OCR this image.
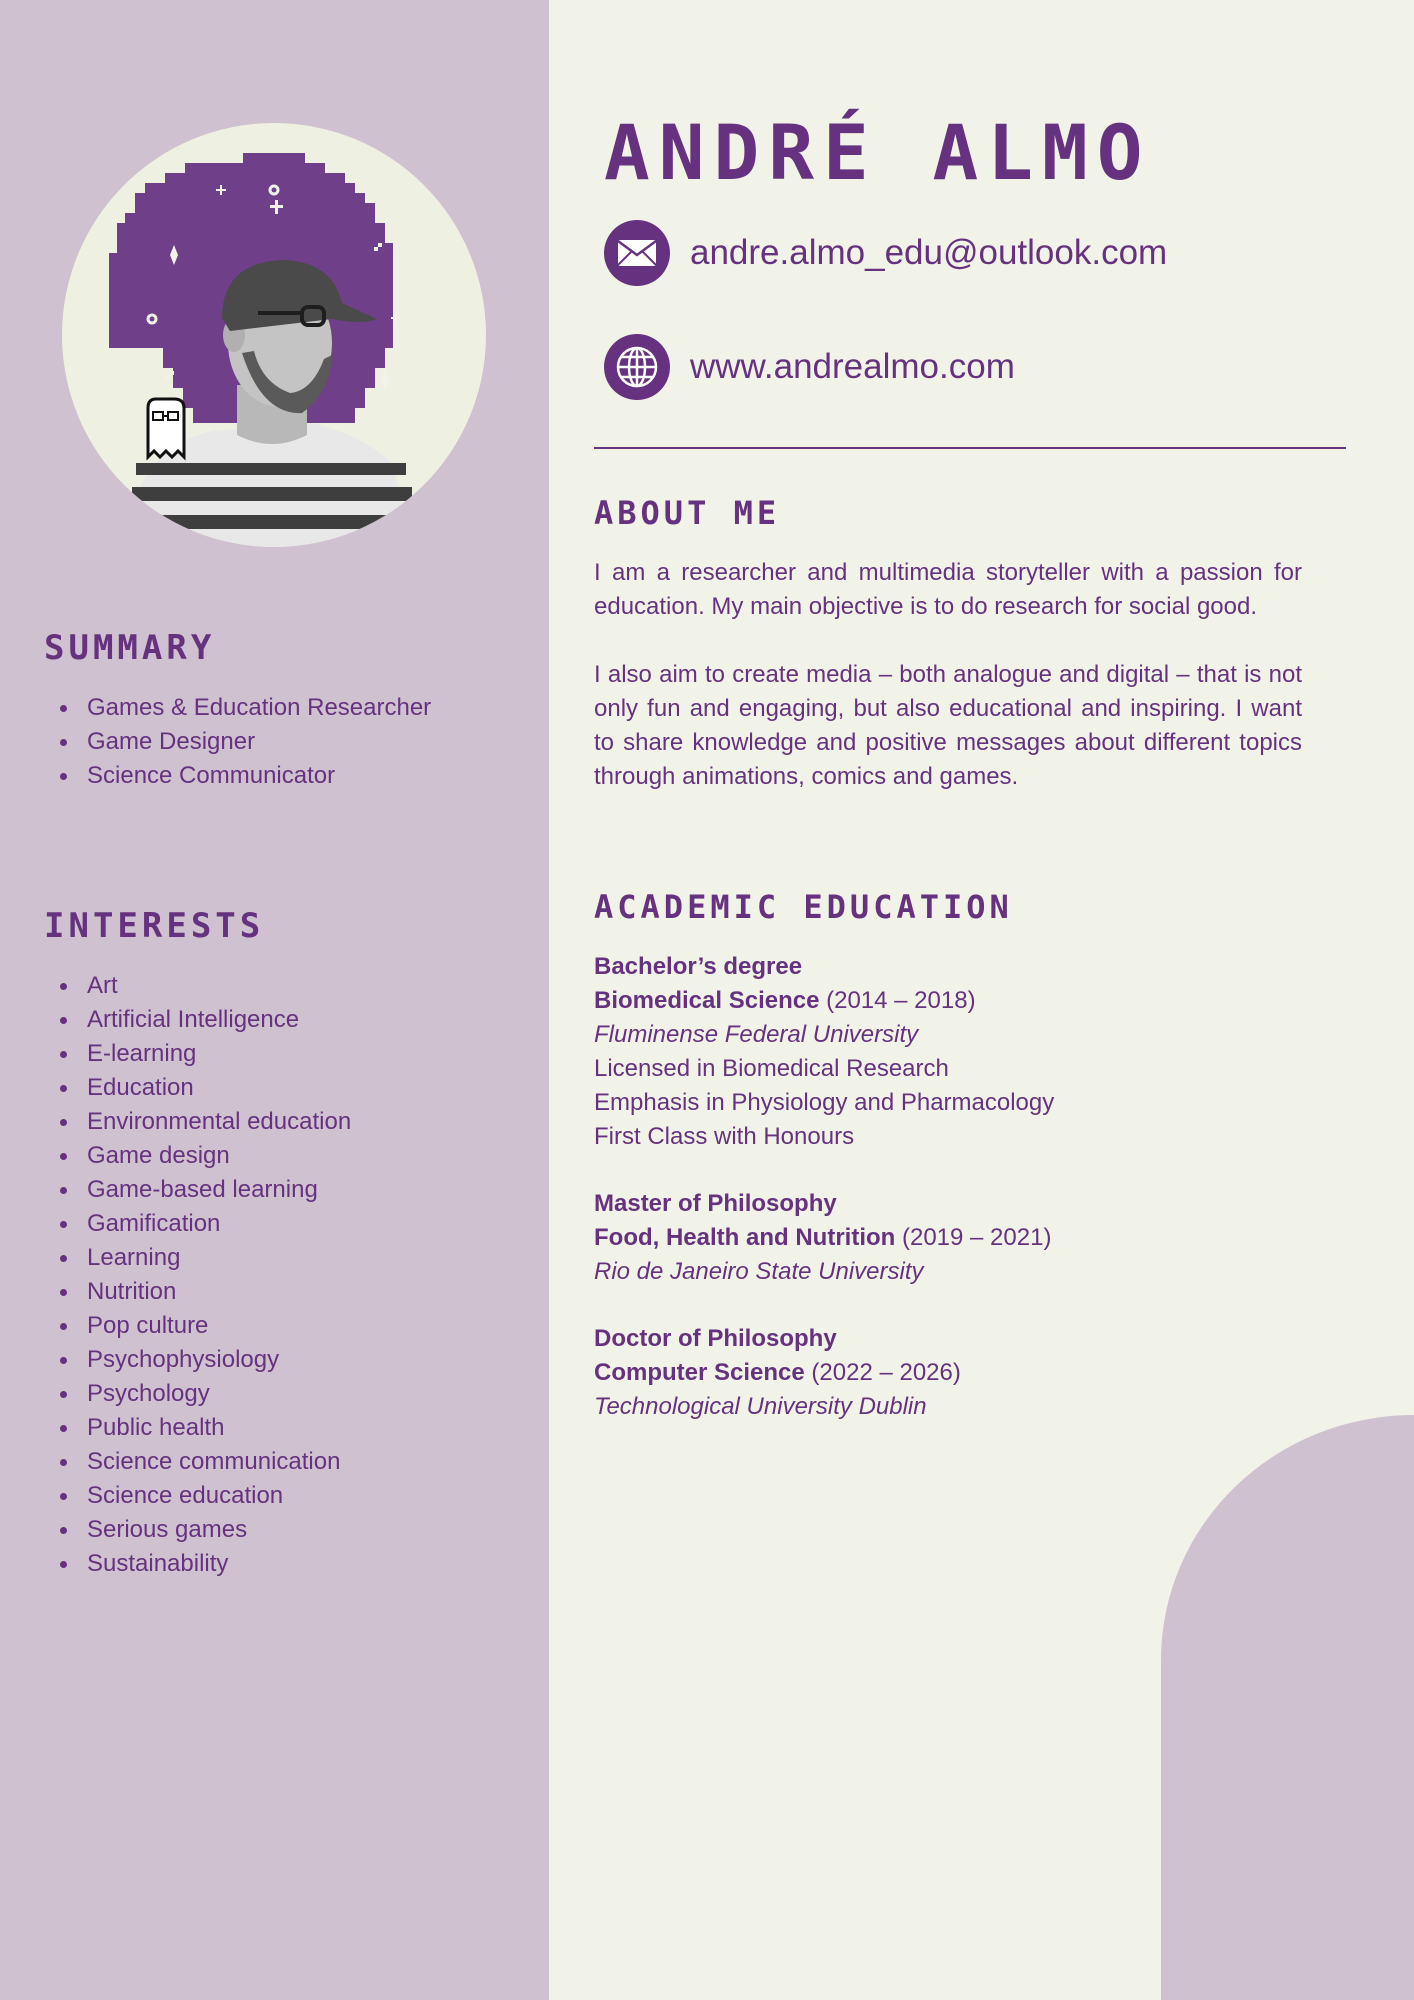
SUMMARY
Games & Education Researcher
Game Designer
Science Communicator
INTERESTS
Art
Artificial Intelligence
E-learning
Education
Environmental education
Game design
Game-based learning
Gamification
Learning
Nutrition
Pop culture
Psychophysiology
Psychology
Public health
Science communication
Science education
Serious games
Sustainability
ANDRÉ ALMO
andre.almo_edu@outlook.com
www.andrealmo.com
ABOUT ME

I am a researcher and multimedia storyteller with a passion for education. My main objective is to do research for social good.

I also aim to create media – both analogue and digital – that is not only fun and engaging, but also educational and inspiring. I want to share knowledge and positive messages about different topics through animations, comics and games.

ACADEMIC EDUCATION
Bachelor’s degree
Biomedical Science (2014 – 2018)
Fluminense Federal University
Licensed in Biomedical Research
Emphasis in Physiology and Pharmacology
First Class with Honours
Master of Philosophy
Food, Health and Nutrition (2019 – 2021)
Rio de Janeiro State University
Doctor of Philosophy
Computer Science (2022 – 2026)
Technological University Dublin
